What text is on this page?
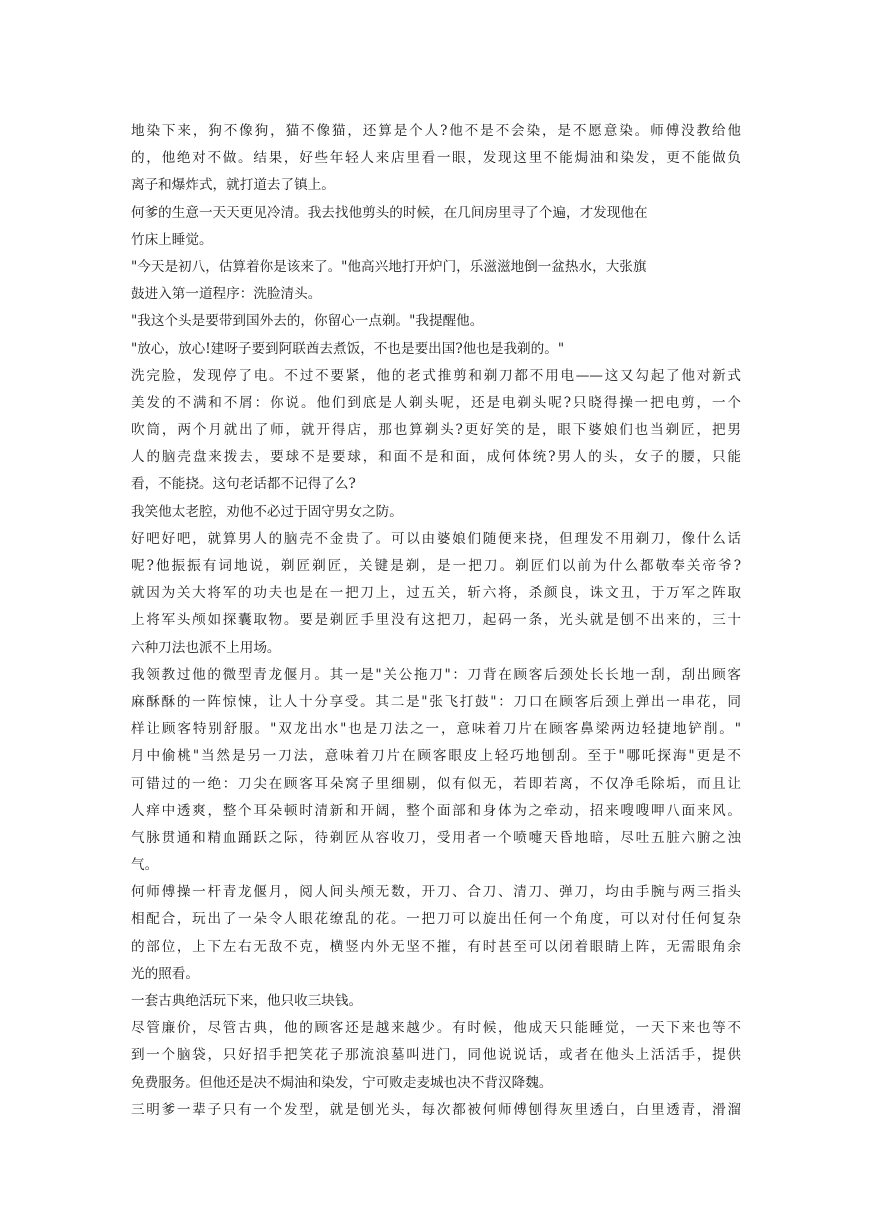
地染下来，狗不像狗，猫不像猫，还算是个人?他不是不会染，是不愿意染。师傅没教给他
的，他绝对不做。结果，好些年轻人来店里看一眼，发现这里不能焗油和染发，更不能做负
离子和爆炸式，就打道去了镇上。
何爹的生意一天天更见冷清。我去找他剪头的时候，在几间房里寻了个遍，才发现他在
竹床上睡觉。
"今天是初八，估算着你是该来了。"他高兴地打开炉门，乐滋滋地倒一盆热水，大张旗
鼓进入第一道程序：洗脸清头。
"我这个头是要带到国外去的，你留心一点剃。"我提醒他。
"放心，放心!建呀子要到阿联酋去煮饭，不也是要出国?他也是我剃的。"
洗完脸，发现停了电。不过不要紧，他的老式推剪和剃刀都不用电——这又勾起了他对新式
美发的不满和不屑：你说。他们到底是人剃头呢，还是电剃头呢?只晓得操一把电剪，一个
吹筒，两个月就出了师，就开得店，那也算剃头?更好笑的是，眼下婆娘们也当剃匠，把男
人的脑壳盘来拨去，要球不是要球，和面不是和面，成何体统?男人的头，女子的腰，只能
看，不能挠。这句老话都不记得了么?
我笑他太老腔，劝他不必过于固守男女之防。
好吧好吧，就算男人的脑壳不金贵了。可以由婆娘们随便来挠，但理发不用剃刀，像什么话
呢?他振振有词地说，剃匠剃匠，关键是剃，是一把刀。剃匠们以前为什么都敬奉关帝爷?
就因为关大将军的功夫也是在一把刀上，过五关，斩六将，杀颜良，诛文丑，于万军之阵取
上将军头颅如探囊取物。要是剃匠手里没有这把刀，起码一条，光头就是刨不出来的，三十
六种刀法也派不上用场。
我领教过他的微型青龙偃月。其一是"关公拖刀"：刀背在顾客后颈处长长地一刮，刮出顾客
麻酥酥的一阵惊悚，让人十分享受。其二是"张飞打鼓"：刀口在顾客后颈上弹出一串花，同
样让顾客特别舒服。"双龙出水"也是刀法之一，意味着刀片在顾客鼻梁两边轻捷地铲削。"
月中偷桃"当然是另一刀法，意味着刀片在顾客眼皮上轻巧地刨刮。至于"哪吒探海"更是不
可错过的一绝：刀尖在顾客耳朵窝子里细剔，似有似无，若即若离，不仅净毛除垢，而且让
人痒中透爽，整个耳朵顿时清新和开阔，整个面部和身体为之牵动，招来嗖嗖呷八面来风。
气脉贯通和精血踊跃之际，待剃匠从容收刀，受用者一个喷嚏天昏地暗，尽吐五脏六腑之浊
气。
何师傅操一杆青龙偃月，阅人间头颅无数，开刀、合刀、清刀、弹刀，均由手腕与两三指头
相配合，玩出了一朵令人眼花缭乱的花。一把刀可以旋出任何一个角度，可以对付任何复杂
的部位，上下左右无敌不克，横竖内外无坚不摧，有时甚至可以闭着眼睛上阵，无需眼角余
光的照看。
一套古典绝活玩下来，他只收三块钱。
尽管廉价，尽管古典，他的顾客还是越来越少。有时候，他成天只能睡觉，一天下来也等不
到一个脑袋，只好招手把笑花子那流浪墓叫进门，同他说说话，或者在他头上活活手，提供
免费服务。但他还是决不焗油和染发，宁可败走麦城也决不背汉降魏。
三明爹一辈子只有一个发型，就是刨光头，每次都被何师傅刨得灰里透白，白里透青，滑溜
